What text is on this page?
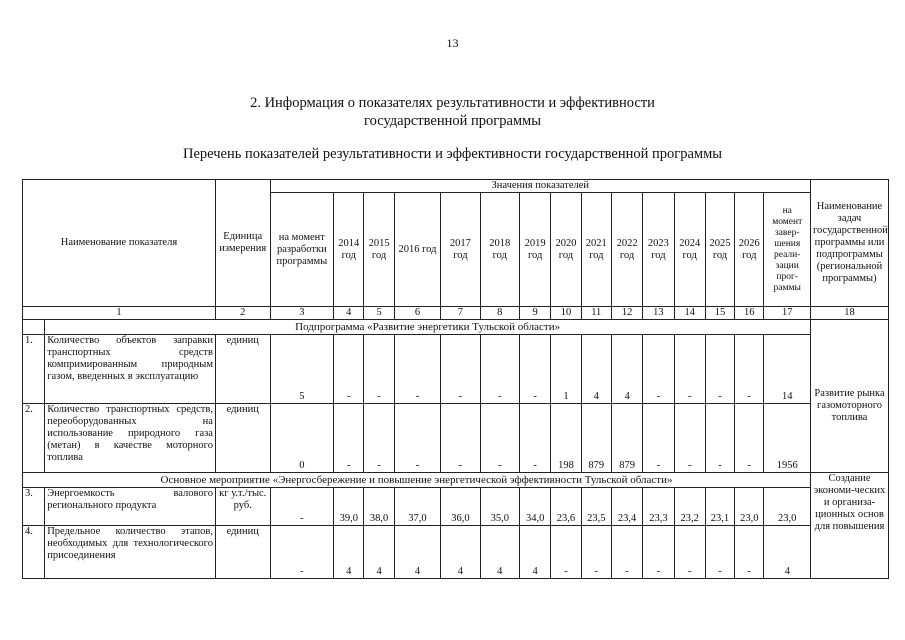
13
2. Информация о показателях результативности и эффективности
государственной программы
Перечень показателей результативности и эффективности государственной программы
Наименование показателя		Единица измерения	Значения показателей															Наименование задач государственной программы или подпрограммы (региональной программы)
			на момент разработки программы	2014 год	2015 год	2016 год	2017 год	2018 год	2019 год	2020 год	2021 год	2022 год	2023 год	2024 год	2025 год	2026 год	на момент завер-шения реали-зации прог-раммы	
1		2	3	4	5	6	7	8	9	10	11	12	13	14	15	16	17	18
	Подпрограмма «Развитие энергетики Тульской области»																	Развитие рынка газомоторного топлива
1.	Количество объектов заправки транспортных средств компримированным природным газом, введенных в эксплуатацию	единиц	5	-	-	-	-	-	-	1	4	4	-	-	-	-	14	
2.	Количество транспортных средств, переоборудованных на использование природного газа (метан) в качестве моторного топлива	единиц	0	-	-	-	-	-	-	198	879	879	-	-	-	-	1956	
Основное мероприятие «Энергосбережение и повышение энергетической эффективности Тульской области»																		Создание экономи-ческих и организа-ционных основ для повышения
3.	Энергоемкость валового регионального продукта	кг у.т./тыс. руб.	-	39,0	38,0	37,0	36,0	35,0	34,0	23,6	23,5	23,4	23,3	23,2	23,1	23,0	23,0	
4.	Предельное количество этапов, необходимых для технологического присоединения	единиц	-	4	4	4	4	4	4	-	-	-	-	-	-	-	4	
